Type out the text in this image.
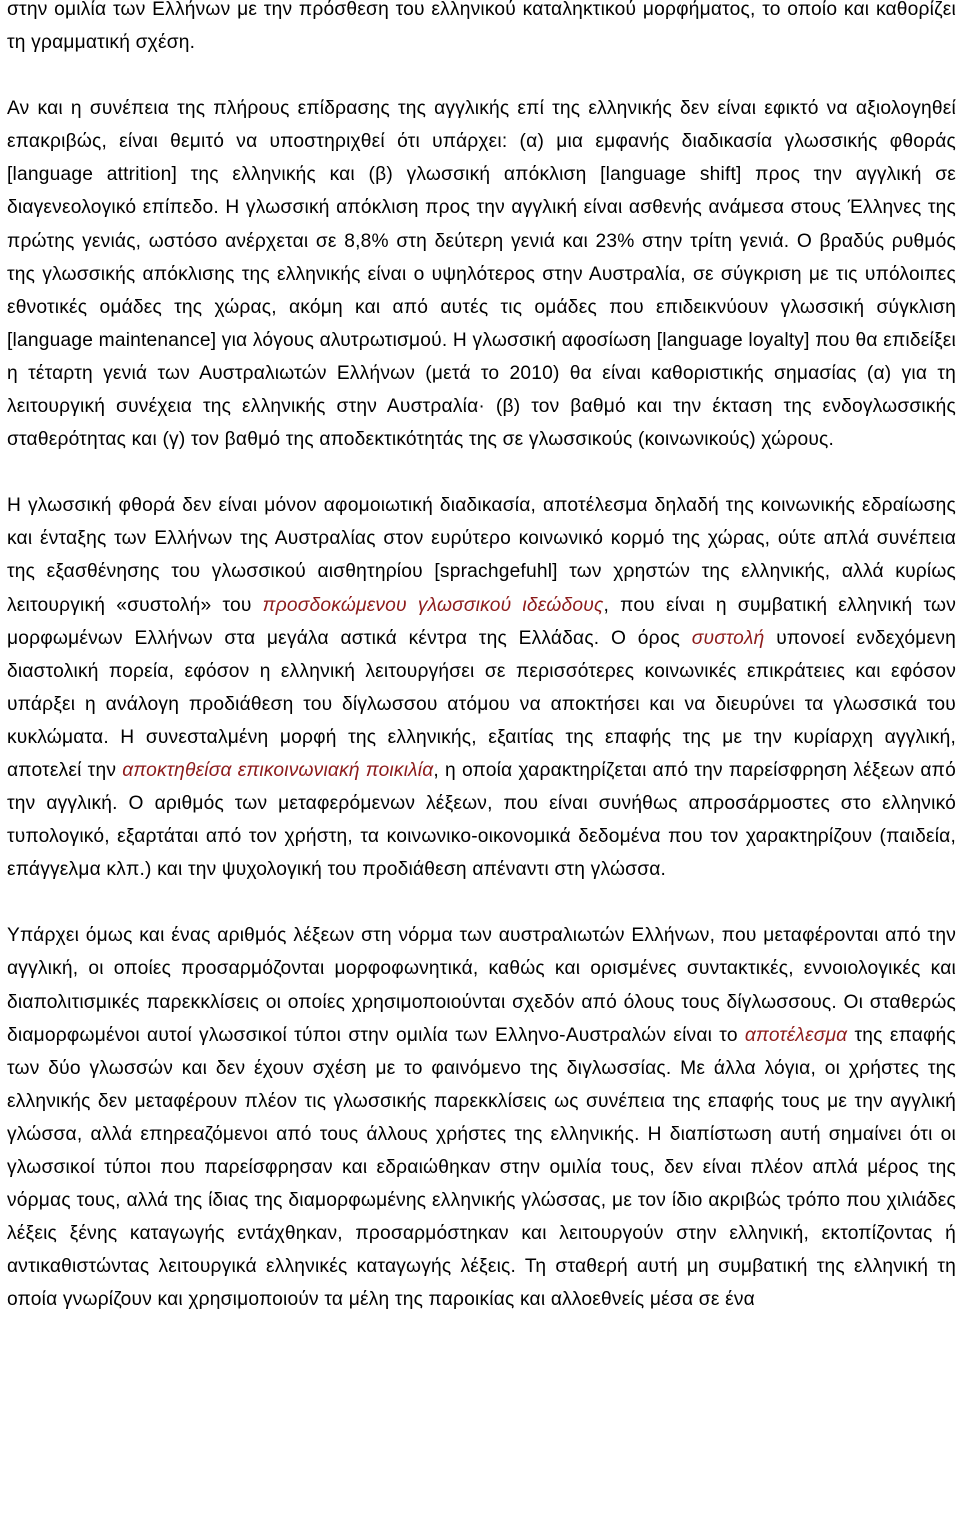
στην ομιλία των Ελλήνων με την πρόσθεση του ελληνικού καταληκτικού μορφήματος, το οποίο και καθορίζει τη γραμματική σχέση.

Αν και η συνέπεια της πλήρους επίδρασης της αγγλικής επί της ελληνικής δεν είναι εφικτό να αξιολογηθεί επακριβώς, είναι θεμιτό να υποστηριχθεί ότι υπάρχει: (α) μια εμφανής διαδικασία γλωσσικής φθοράς [language attrition] της ελληνικής και (β) γλωσσική απόκλιση [language shift] προς την αγγλική σε διαγενεολογικό επίπεδο. Η γλωσσική απόκλιση προς την αγγλική είναι ασθενής ανάμεσα στους Έλληνες της πρώτης γενιάς, ωστόσο ανέρχεται σε 8,8% στη δεύτερη γενιά και 23% στην τρίτη γενιά. Ο βραδύς ρυθμός της γλωσσικής απόκλισης της ελληνικής είναι ο υψηλότερος στην Αυστραλία, σε σύγκριση με τις υπόλοιπες εθνοτικές ομάδες της χώρας, ακόμη και από αυτές τις ομάδες που επιδεικνύουν γλωσσική σύγκλιση [language maintenance] για λόγους αλυτρωτισμού. Η γλωσσική αφοσίωση [language loyalty] που θα επιδείξει η τέταρτη γενιά των Αυστραλιωτών Ελλήνων (μετά το 2010) θα είναι καθοριστικής σημασίας (α) για τη λειτουργική συνέχεια της ελληνικής στην Αυστραλία· (β) τον βαθμό και την έκταση της ενδογλωσσικής σταθερότητας και (γ) τον βαθμό της αποδεκτικότητάς της σε γλωσσικούς (κοινωνικούς) χώρους.

Η γλωσσική φθορά δεν είναι μόνον αφομοιωτική διαδικασία, αποτέλεσμα δηλαδή της κοινωνικής εδραίωσης και ένταξης των Ελλήνων της Αυστραλίας στον ευρύτερο κοινωνικό κορμό της χώρας, ούτε απλά συνέπεια της εξασθένησης του γλωσσικού αισθητηρίου [sprachgefuhl] των χρηστών της ελληνικής, αλλά κυρίως λειτουργική «συστολή» του προσδοκώμενου γλωσσικού ιδεώδους, που είναι η συμβατική ελληνική των μορφωμένων Ελλήνων στα μεγάλα αστικά κέντρα της Ελλάδας. Ο όρος συστολή υπονοεί ενδεχόμενη διαστολική πορεία, εφόσον η ελληνική λειτουργήσει σε περισσότερες κοινωνικές επικράτειες και εφόσον υπάρξει η ανάλογη προδιάθεση του δίγλωσσου ατόμου να αποκτήσει και να διευρύνει τα γλωσσικά του κυκλώματα. Η συνεσταλμένη μορφή της ελληνικής, εξαιτίας της επαφής της με την κυρίαρχη αγγλική, αποτελεί την αποκτηθείσα επικοινωνιακή ποικιλία, η οποία χαρακτηρίζεται από την παρείσφρηση λέξεων από την αγγλική. Ο αριθμός των μεταφερόμενων λέξεων, που είναι συνήθως απροσάρμοστες στο ελληνικό τυπολογικό, εξαρτάται από τον χρήστη, τα κοινωνικο-οικονομικά δεδομένα που τον χαρακτηρίζουν (παιδεία, επάγγελμα κλπ.) και την ψυχολογική του προδιάθεση απέναντι στη γλώσσα.

Υπάρχει όμως και ένας αριθμός λέξεων στη νόρμα των αυστραλιωτών Ελλήνων, που μεταφέρονται από την αγγλική, οι οποίες προσαρμόζονται μορφοφωνητικά, καθώς και ορισμένες συντακτικές, εννοιολογικές και διαπολιτισμικές παρεκκλίσεις οι οποίες χρησιμοποιούνται σχεδόν από όλους τους δίγλωσσους. Οι σταθερώς διαμορφωμένοι αυτοί γλωσσικοί τύποι στην ομιλία των Ελληνο-Αυστραλών είναι το αποτέλεσμα της επαφής των δύο γλωσσών και δεν έχουν σχέση με το φαινόμενο της διγλωσσίας. Με άλλα λόγια, οι χρήστες της ελληνικής δεν μεταφέρουν πλέον τις γλωσσικής παρεκκλίσεις ως συνέπεια της επαφής τους με την αγγλική γλώσσα, αλλά επηρεαζόμενοι από τους άλλους χρήστες της ελληνικής. Η διαπίστωση αυτή σημαίνει ότι οι γλωσσικοί τύποι που παρείσφρησαν και εδραιώθηκαν στην ομιλία τους, δεν είναι πλέον απλά μέρος της νόρμας τους, αλλά της ίδιας της διαμορφωμένης ελληνικής γλώσσας, με τον ίδιο ακριβώς τρόπο που χιλιάδες λέξεις ξένης καταγωγής εντάχθηκαν, προσαρμόστηκαν και λειτουργούν στην ελληνική, εκτοπίζοντας ή αντικαθιστώντας λειτουργικά ελληνικές καταγωγής λέξεις. Τη σταθερή αυτή μη συμβατική της ελληνική τη οποία γνωρίζουν και χρησιμοποιούν τα μέλη της παροικίας και αλλοεθνείς μέσα σε ένα
